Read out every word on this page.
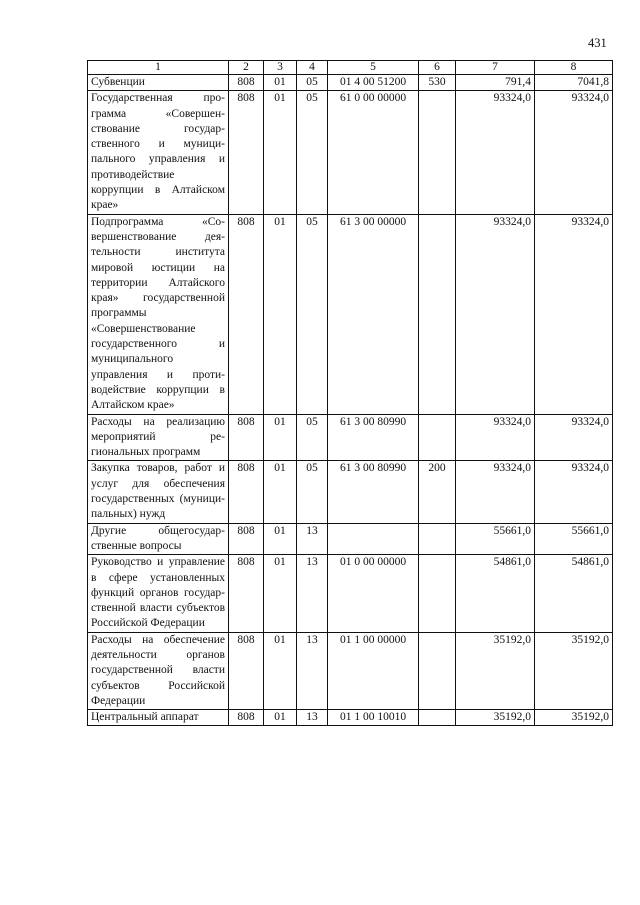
431
1	2	3	4	5	6	7	8
Субвенции	808	01	05	01 4 00 51200	530	791,4	7041,8
Государственная программа «Совершенствование государственного и муниципального управления и противодействие коррупции в Алтайском крае»	808	01	05	61 0 00 00000		93324,0	93324,0
Подпрограмма «Совершенствование деятельности института мировой юстиции на территории Алтайского края» государственной программы «Совершенствование государственного и муниципального управления и противодействие коррупции в Алтайском крае»	808	01	05	61 3 00 00000		93324,0	93324,0
Расходы на реализацию мероприятий региональных программ	808	01	05	61 3 00 80990		93324,0	93324,0
Закупка товаров, работ и услуг для обеспечения государственных (муниципальных) нужд	808	01	05	61 3 00 80990	200	93324,0	93324,0
Другие общегосударственные вопросы	808	01	13			55661,0	55661,0
Руководство и управление в сфере установленных функций органов государственной власти субъектов Российской Федерации	808	01	13	01 0 00 00000		54861,0	54861,0
Расходы на обеспечение деятельности органов государственной власти субъектов Российской Федерации	808	01	13	01 1 00 00000		35192,0	35192,0
Центральный аппарат	808	01	13	01 1 00 10010		35192,0	35192,0
